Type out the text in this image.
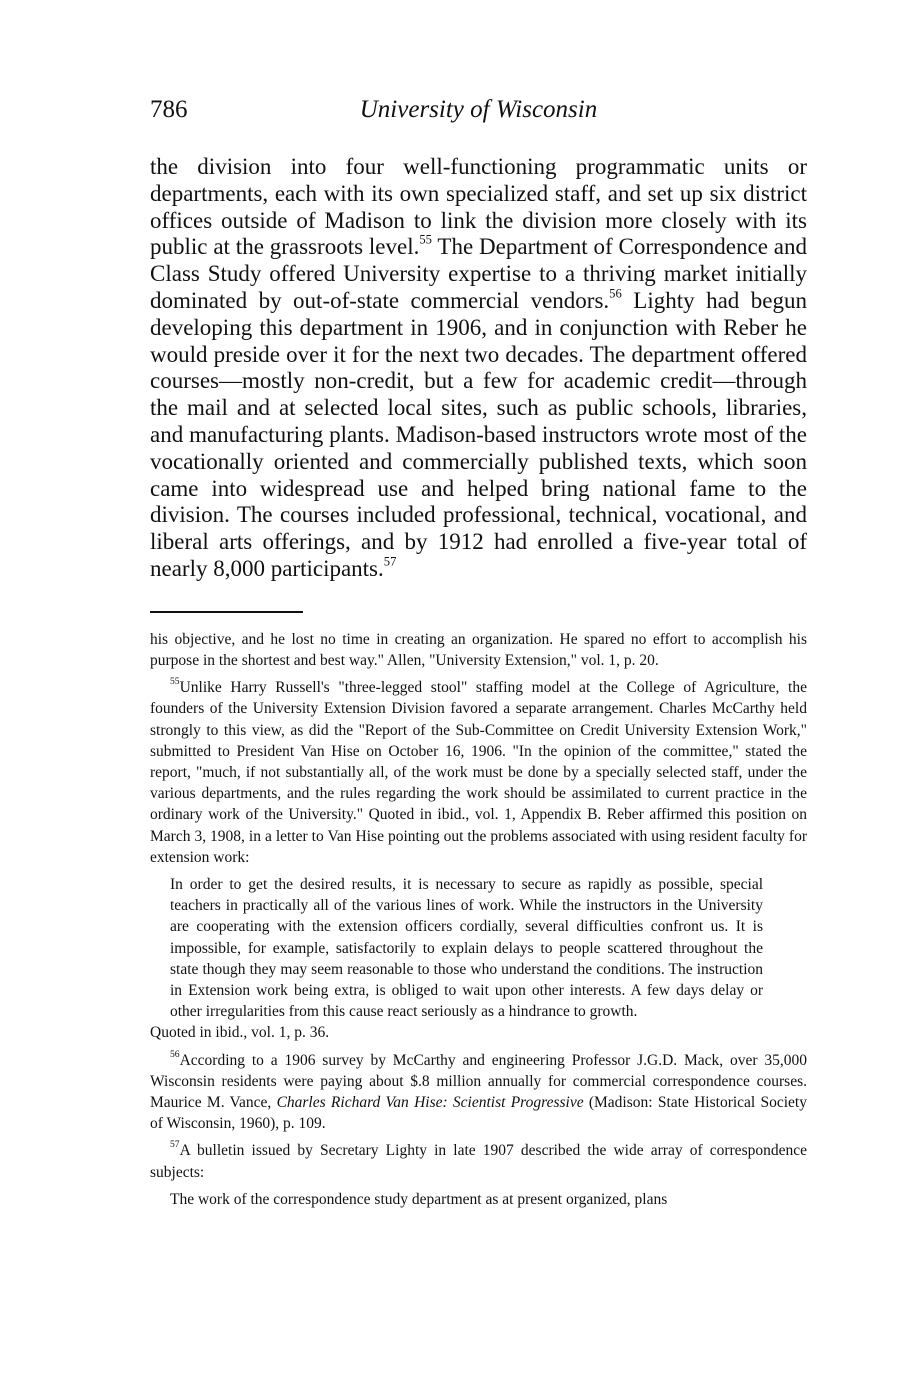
786	University of Wisconsin

the division into four well-functioning programmatic units or departments, each with its own specialized staff, and set up six district offices outside of Madison to link the division more closely with its public at the grassroots level.$^{55}$ The Department of Correspondence and Class Study offered University expertise to a thriving market initially dominated by out-of-state commercial vendors.$^{56}$ Lighty had begun developing this department in 1906, and in conjunction with Reber he would preside over it for the next two decades. The department offered courses—mostly non-credit, but a few for academic credit—through the mail and at selected local sites, such as public schools, libraries, and manufacturing plants. Madison-based instructors wrote most of the vocationally oriented and commercially published texts, which soon came into widespread use and helped bring national fame to the division. The courses included professional, technical, vocational, and liberal arts offerings, and by 1912 had enrolled a five-year total of nearly 8,000 participants.$^{57}$

his objective, and he lost no time in creating an organization. He spared no effort to accomplish his purpose in the shortest and best way." Allen, "University Extension," vol. 1, p. 20.

$^{55}$Unlike Harry Russell's "three-legged stool" staffing model at the College of Agriculture, the founders of the University Extension Division favored a separate arrangement. Charles McCarthy held strongly to this view, as did the "Report of the Sub-Committee on Credit University Extension Work," submitted to President Van Hise on October 16, 1906. "In the opinion of the committee," stated the report, "much, if not substantially all, of the work must be done by a specially selected staff, under the various departments, and the rules regarding the work should be assimilated to current practice in the ordinary work of the University." Quoted in ibid., vol. 1, Appendix B. Reber affirmed this position on March 3, 1908, in a letter to Van Hise pointing out the problems associated with using resident faculty for extension work:

In order to get the desired results, it is necessary to secure as rapidly as possible, special teachers in practically all of the various lines of work. While the instructors in the University are cooperating with the extension officers cordially, several difficulties confront us. It is impossible, for example, satisfactorily to explain delays to people scattered throughout the state though they may seem reasonable to those who understand the conditions. The instruction in Extension work being extra, is obliged to wait upon other interests. A few days delay or other irregularities from this cause react seriously as a hindrance to growth.

Quoted in ibid., vol. 1, p. 36.

$^{56}$According to a 1906 survey by McCarthy and engineering Professor J.G.D. Mack, over 35,000 Wisconsin residents were paying about $.8 million annually for commercial correspondence courses. Maurice M. Vance, Charles Richard Van Hise: Scientist Progressive (Madison: State Historical Society of Wisconsin, 1960), p. 109.

$^{57}$A bulletin issued by Secretary Lighty in late 1907 described the wide array of correspondence subjects:

The work of the correspondence study department as at present organized, plans
